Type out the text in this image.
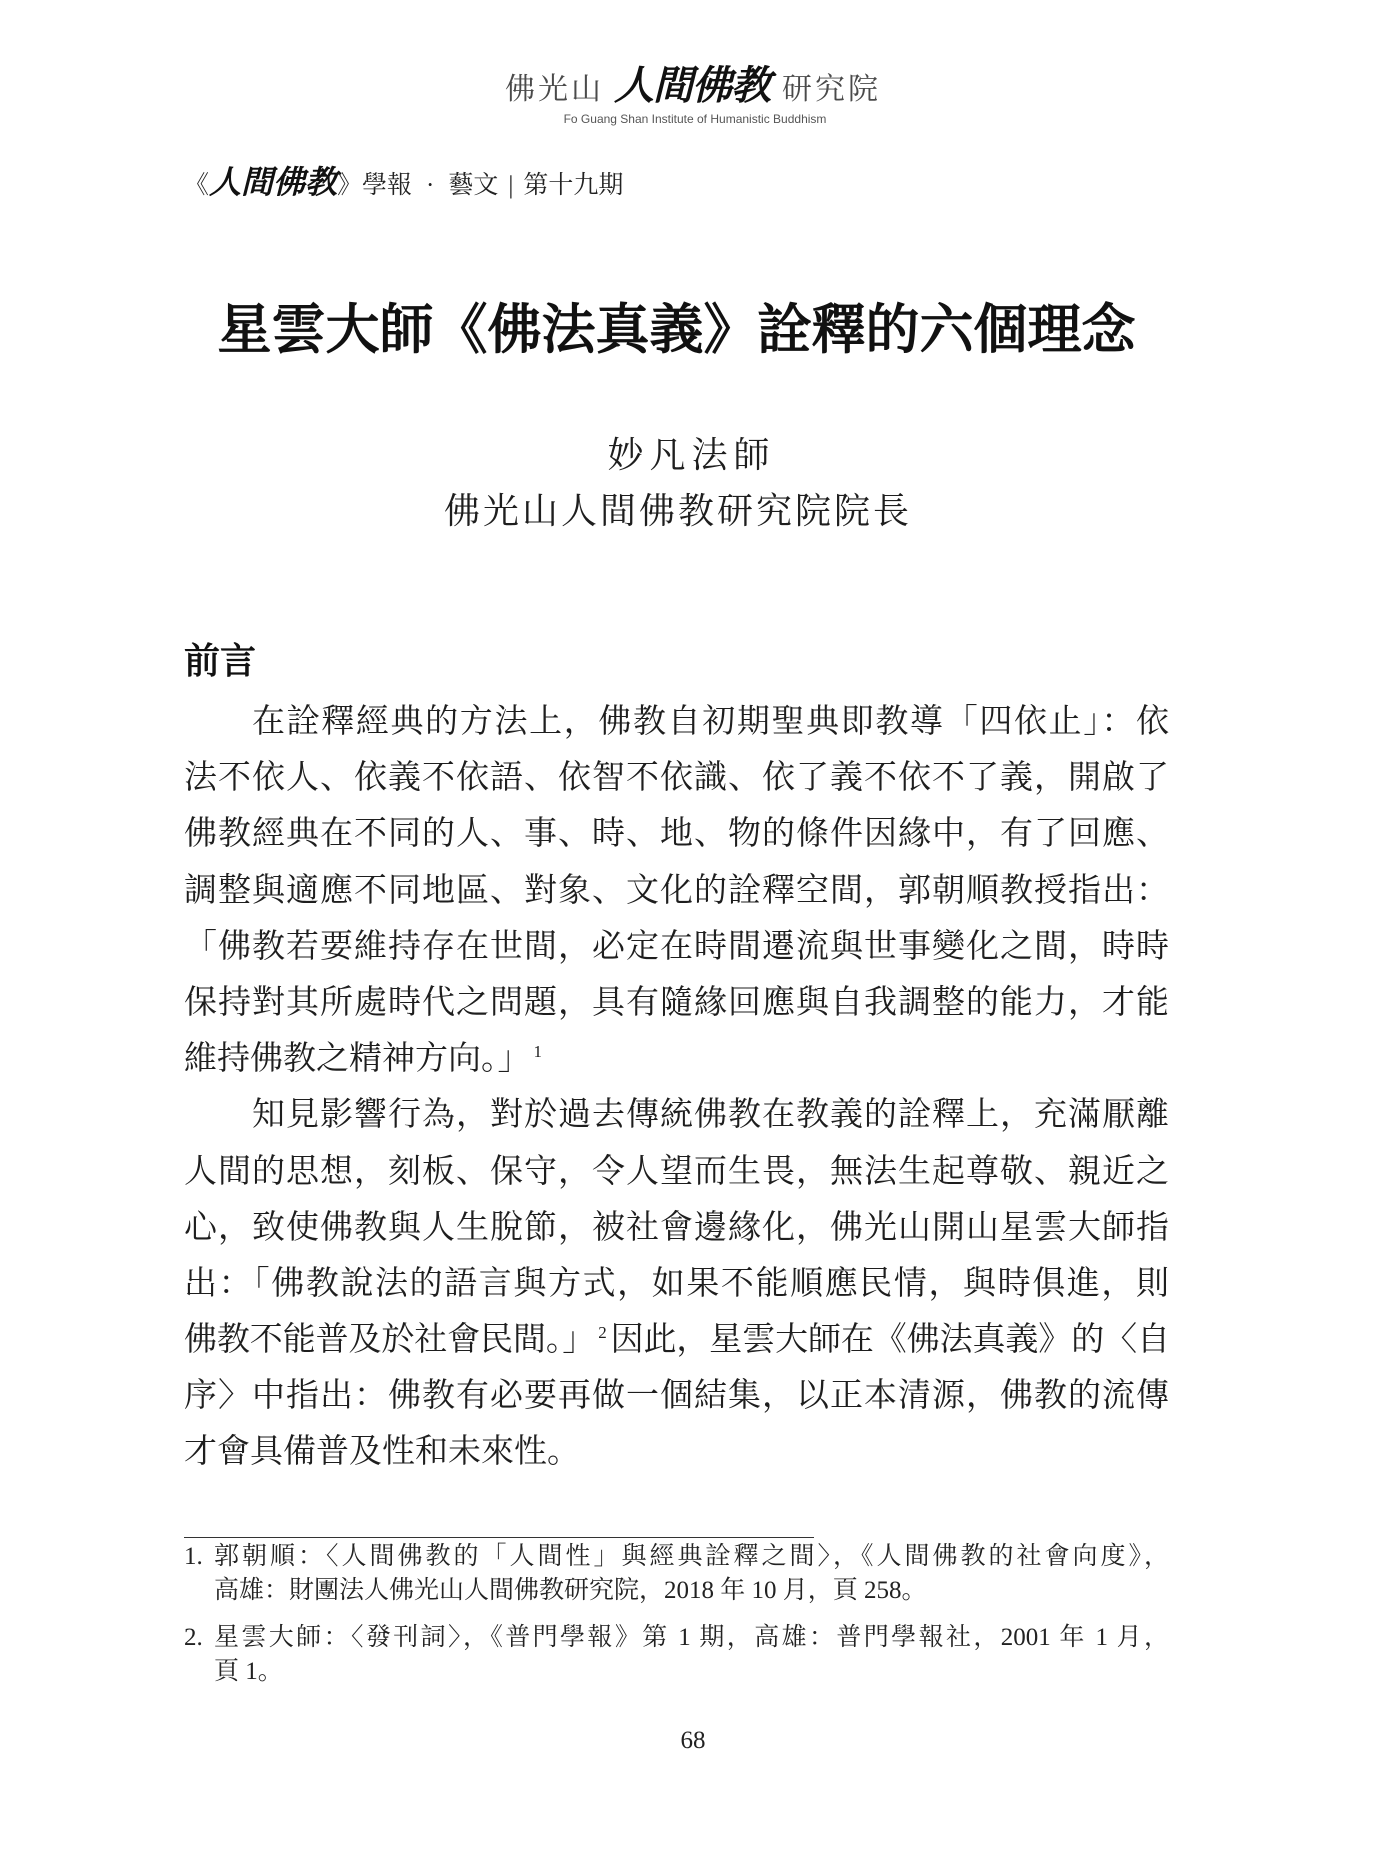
佛光山 人間佛教 研究院
Fo Guang Shan Institute of Humanistic Buddhism
《人間佛教》學報 · 藝文 | 第十九期
星雲大師《佛法真義》詮釋的六個理念
妙凡法師
佛光山人間佛教研究院院長
前言
在詮釋經典的方法上，佛教自初期聖典即教導「四依止」：依
法不依人、依義不依語、依智不依識、依了義不依不了義，開啟了
佛教經典在不同的人、事、時、地、物的條件因緣中，有了回應、
調整與適應不同地區、對象、文化的詮釋空間，郭朝順教授指出：
「佛教若要維持存在世間，必定在時間遷流與世事變化之間，時時
保持對其所處時代之問題，具有隨緣回應與自我調整的能力，才能
維持佛教之精神方向。」 $^1$
知見影響行為，對於過去傳統佛教在教義的詮釋上，充滿厭離
人間的思想，刻板、保守，令人望而生畏，無法生起尊敬、親近之
心，致使佛教與人生脫節，被社會邊緣化，佛光山開山星雲大師指
出：「佛教說法的語言與方式，如果不能順應民情，與時俱進，則
佛教不能普及於社會民間。」 $^2$ 因此，星雲大師在《佛法真義》的〈自
序〉中指出：佛教有必要再做一個結集，以正本清源，佛教的流傳
才會具備普及性和未來性。
1. 郭朝順：〈人間佛教的「人間性」與經典詮釋之間〉，《人間佛教的社會向度》，
高雄：財團法人佛光山人間佛教研究院，2018 年 10 月，頁 258。
2. 星雲大師：〈發刊詞〉，《普門學報》第 1 期，高雄：普門學報社，2001 年 1 月，
頁 1。
68
